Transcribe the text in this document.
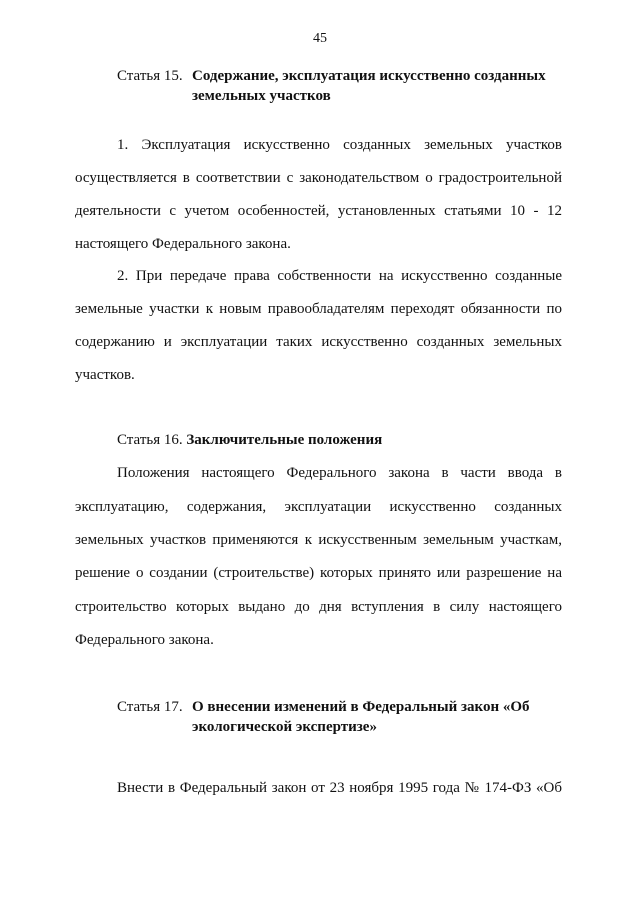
45
Статья 15. Содержание, эксплуатация искусственно созданных
земельных участков
1. Эксплуатация искусственно созданных земельных участков
осуществляется в соответствии с законодательством о градостроительной
деятельности с учетом особенностей, установленных статьями 10 - 12
настоящего Федерального закона.
2. При передаче права собственности на искусственно созданные
земельные участки к новым правообладателям переходят обязанности по
содержанию и эксплуатации таких искусственно созданных земельных
участков.
Статья 16. Заключительные положения
Положения настоящего Федерального закона в части ввода в
эксплуатацию, содержания, эксплуатации искусственно созданных
земельных участков применяются к искусственным земельным участкам,
решение о создании (строительстве) которых принято или разрешение на
строительство которых выдано до дня вступления в силу настоящего
Федерального закона.
Статья 17. О внесении изменений в Федеральный закон «Об
экологической экспертизе»
Внести в Федеральный закон от 23 ноября 1995 года № 174-ФЗ «Об
